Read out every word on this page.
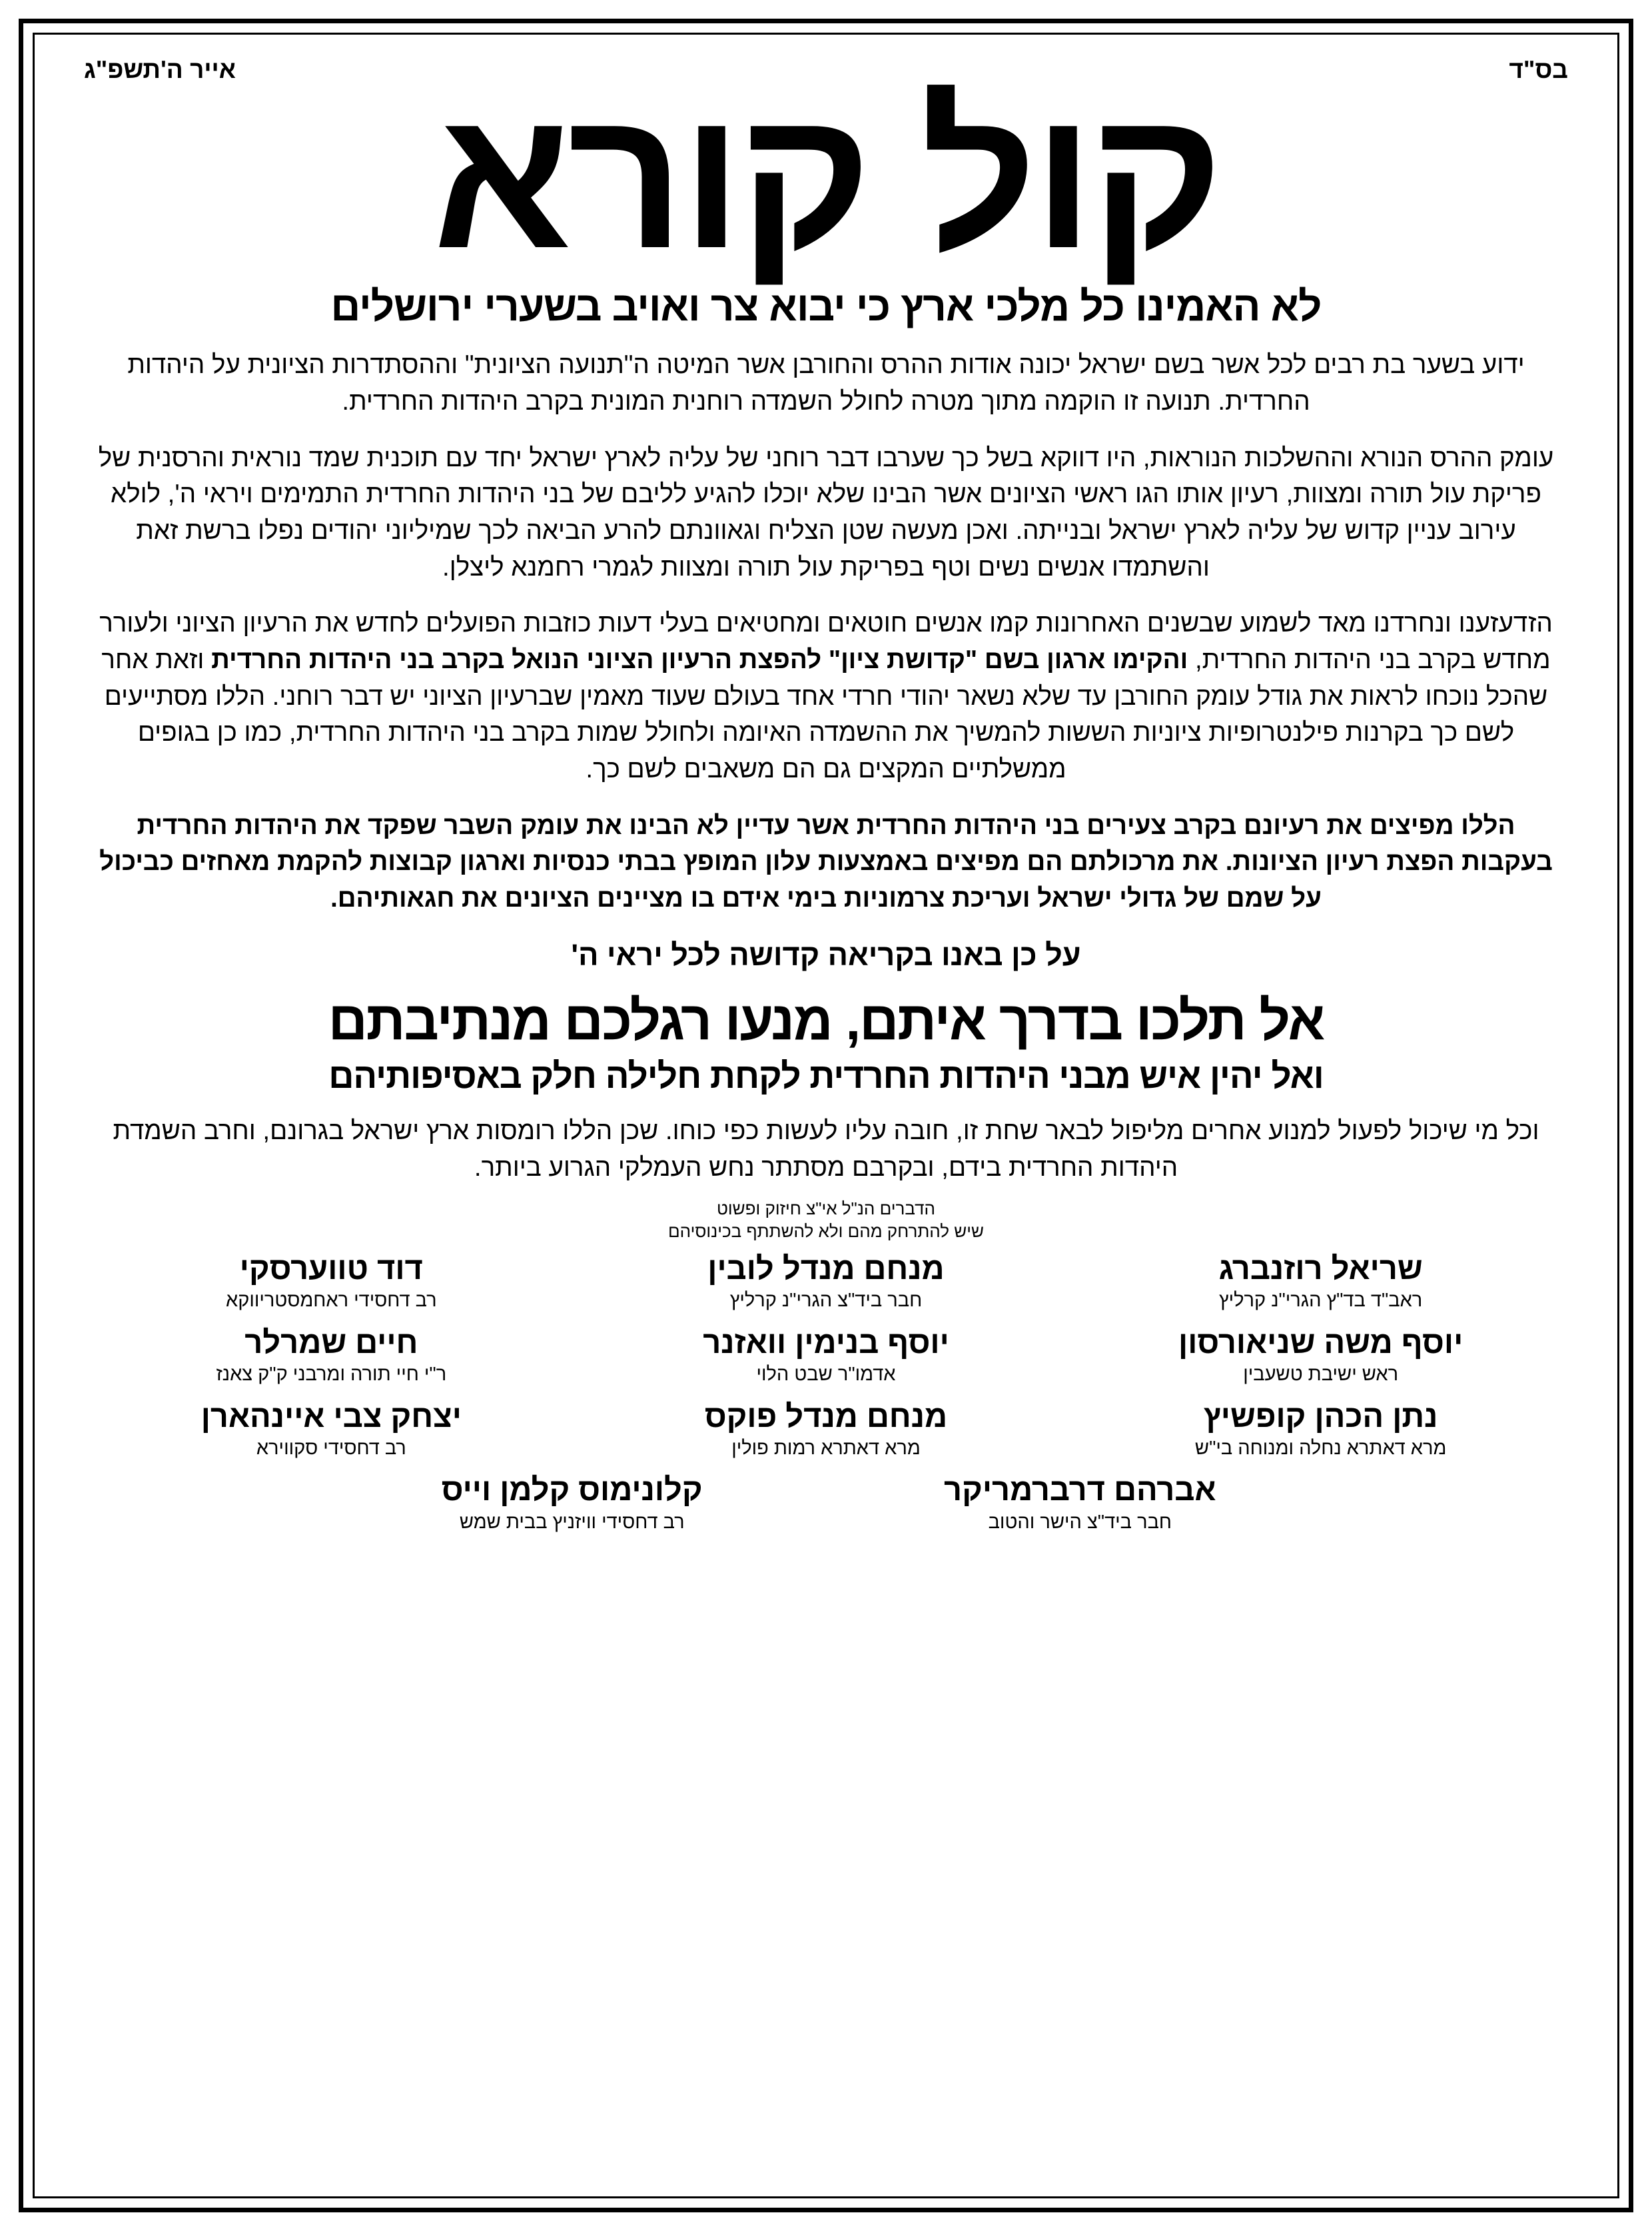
בס"ד
אייר ה'תשפ"ג קול קורא
לא האמינו כל מלכי ארץ כי יבוא צר ואויב בשערי ירושלים

ידוע בשער בת רבים לכל אשר בשם ישראל יכונה אודות ההרס והחורבן אשר המיטה ה"תנועה הציונית" וההסתדרות הציונית על היהדות החרדית. תנועה זו הוקמה מתוך מטרה לחולל השמדה רוחנית המונית בקרב היהדות החרדית.

עומק ההרס הנורא וההשלכות הנוראות, היו דווקא בשל כך שערבו דבר רוחני של עליה לארץ ישראל יחד עם תוכנית שמד נוראית והרסנית של פריקת עול תורה ומצוות, רעיון אותו הגו ראשי הציונים אשר הבינו שלא יוכלו להגיע לליבם של בני היהדות החרדית התמימים ויראי ה', לולא עירוב עניין קדוש של עליה לארץ ישראל ובנייתה. ואכן מעשה שטן הצליח וגאוונתם להרע הביאה לכך שמיליוני יהודים נפלו ברשת זאת והשתמדו אנשים נשים וטף בפריקת עול תורה ומצוות לגמרי רחמנא ליצלן.

הזדעזענו ונחרדנו מאד לשמוע שבשנים האחרונות קמו אנשים חוטאים ומחטיאים בעלי דעות כוזבות הפועלים לחדש את הרעיון הציוני ולעורר מחדש בקרב בני היהדות החרדית, והקימו ארגון בשם "קדושת ציון" להפצת הרעיון הציוני הנואל בקרב בני היהדות החרדית וזאת אחר שהכל נוכחו לראות את גודל עומק החורבן עד שלא נשאר יהודי חרדי אחד בעולם שעוד מאמין שברעיון הציוני יש דבר רוחני. הללו מסתייעים לשם כך בקרנות פילנטרופיות ציוניות הששות להמשיך את ההשמדה האיומה ולחולל שמות בקרב בני היהדות החרדית, כמו כן בגופים ממשלתיים המקצים גם הם משאבים לשם כך.

הללו מפיצים את רעיונם בקרב צעירים בני היהדות החרדית אשר עדיין לא הבינו את עומק השבר שפקד את היהדות החרדית בעקבות הפצת רעיון הציונות. את מרכולתם הם מפיצים באמצעות עלון המופץ בבתי כנסיות וארגון קבוצות להקמת מאחזים כביכול על שמם של גדולי ישראל ועריכת צרמוניות בימי אידם בו מציינים הציונים את חגאותיהם.

על כן באנו בקריאה קדושה לכל יראי ה'
אל תלכו בדרך איתם, מנעו רגלכם מנתיבתם
ואל יהין איש מבני היהדות החרדית לקחת חלילה חלק באסיפותיהם

וכל מי שיכול לפעול למנוע אחרים מליפול לבאר שחת זו, חובה עליו לעשות כפי כוחו. שכן הללו רומסות ארץ ישראל בגרונם, וחרב השמדת היהדות החרדית בידם, ובקרבם מסתתר נחש העמלקי הגרוע ביותר.

הדברים הנ"ל אי"צ חיזוק ופשוט
שיש להתרחק מהם ולא להשתתף בכינוסיהם
שריאל רוזנברג
ראב"ד בד"ץ הגרי"נ קרליץ
מנחם מנדל לובין
חבר ביד"צ הגרי"נ קרליץ
דוד טווערסקי
רב דחסידי ראחמסטריווקא
יוסף משה שניאורסון
ראש ישיבת טשעבין
יוסף בנימין וואזנר
אדמו"ר שבט הלוי
חיים שמרלר
ר"י חיי תורה ומרבני ק"ק צאנז
נתן הכהן קופשיץ
מרא דאתרא נחלה ומנוחה בי"ש
מנחם מנדל פוקס
מרא דאתרא רמות פולין
יצחק צבי איינהארן
רב דחסידי סקווירא
אברהם דרברמריקר
חבר ביד"צ הישר והטוב
קלונימוס קלמן וייס
רב דחסידי וויזניץ בבית שמש
